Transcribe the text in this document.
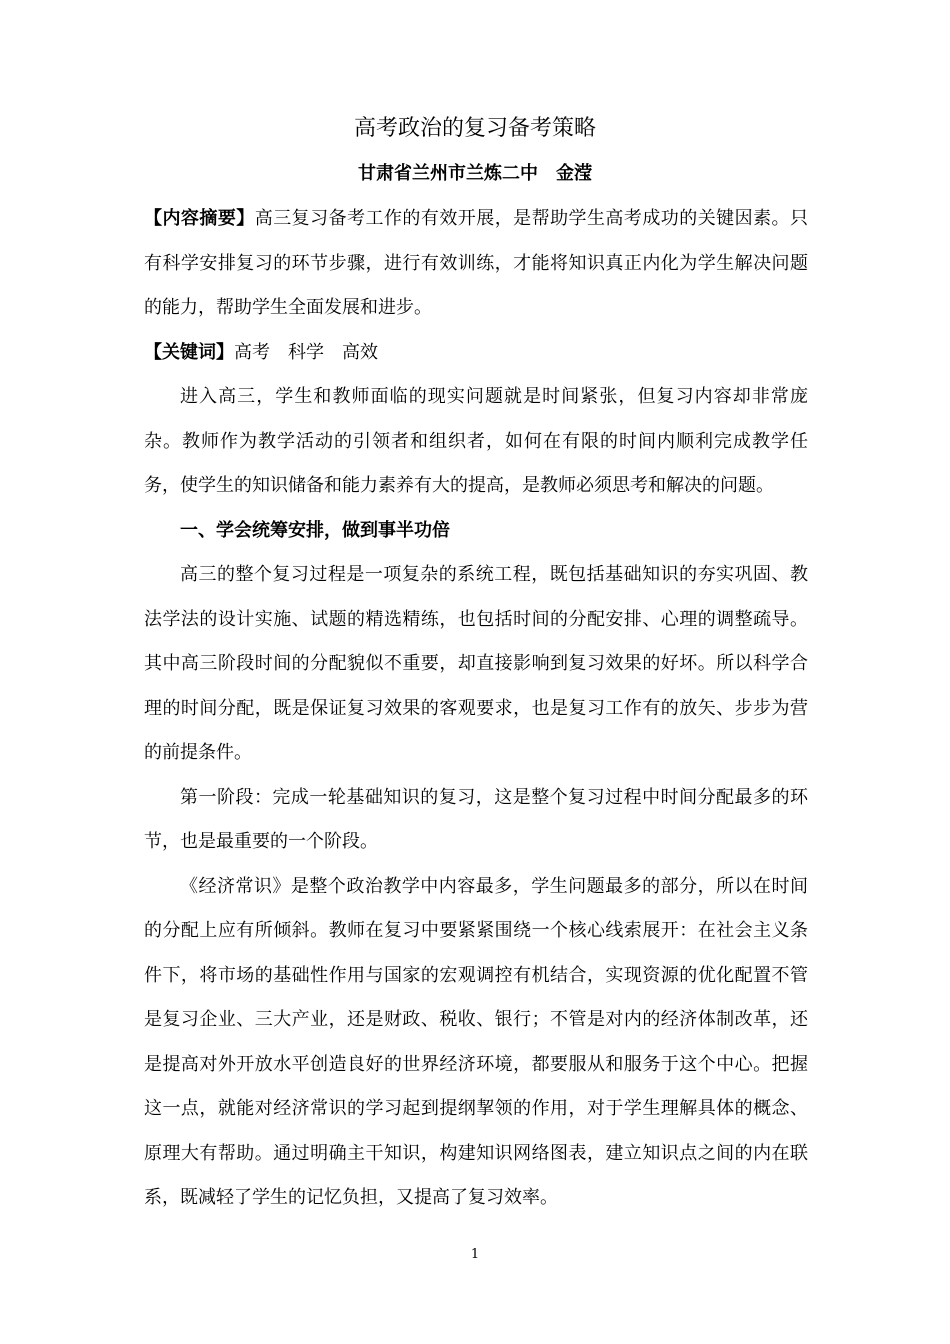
高考政治的复习备考策略
甘肃省兰州市兰炼二中　金滢

【内容摘要】高三复习备考工作的有效开展，是帮助学生高考成功的关键因素。只有科学安排复习的环节步骤，进行有效训练，才能将知识真正内化为学生解决问题的能力，帮助学生全面发展和进步。

【关键词】高考 科学 高效

进入高三，学生和教师面临的现实问题就是时间紧张，但复习内容却非常庞杂。教师作为教学活动的引领者和组织者，如何在有限的时间内顺利完成教学任务，使学生的知识储备和能力素养有大的提高，是教师必须思考和解决的问题。

一、学会统筹安排，做到事半功倍

高三的整个复习过程是一项复杂的系统工程，既包括基础知识的夯实巩固、教法学法的设计实施、试题的精选精练，也包括时间的分配安排、心理的调整疏导。其中高三阶段时间的分配貌似不重要，却直接影响到复习效果的好坏。所以科学合理的时间分配，既是保证复习效果的客观要求，也是复习工作有的放矢、步步为营的前提条件。

第一阶段：完成一轮基础知识的复习，这是整个复习过程中时间分配最多的环节，也是最重要的一个阶段。

《经济常识》是整个政治教学中内容最多，学生问题最多的部分，所以在时间的分配上应有所倾斜。教师在复习中要紧紧围绕一个核心线索展开：在社会主义条件下，将市场的基础性作用与国家的宏观调控有机结合，实现资源的优化配置不管是复习企业、三大产业，还是财政、税收、银行；不管是对内的经济体制改革，还是提高对外开放水平创造良好的世界经济环境，都要服从和服务于这个中心。把握这一点，就能对经济常识的学习起到提纲挈领的作用，对于学生理解具体的概念、原理大有帮助。通过明确主干知识，构建知识网络图表，建立知识点之间的内在联系，既减轻了学生的记忆负担，又提高了复习效率。

1
